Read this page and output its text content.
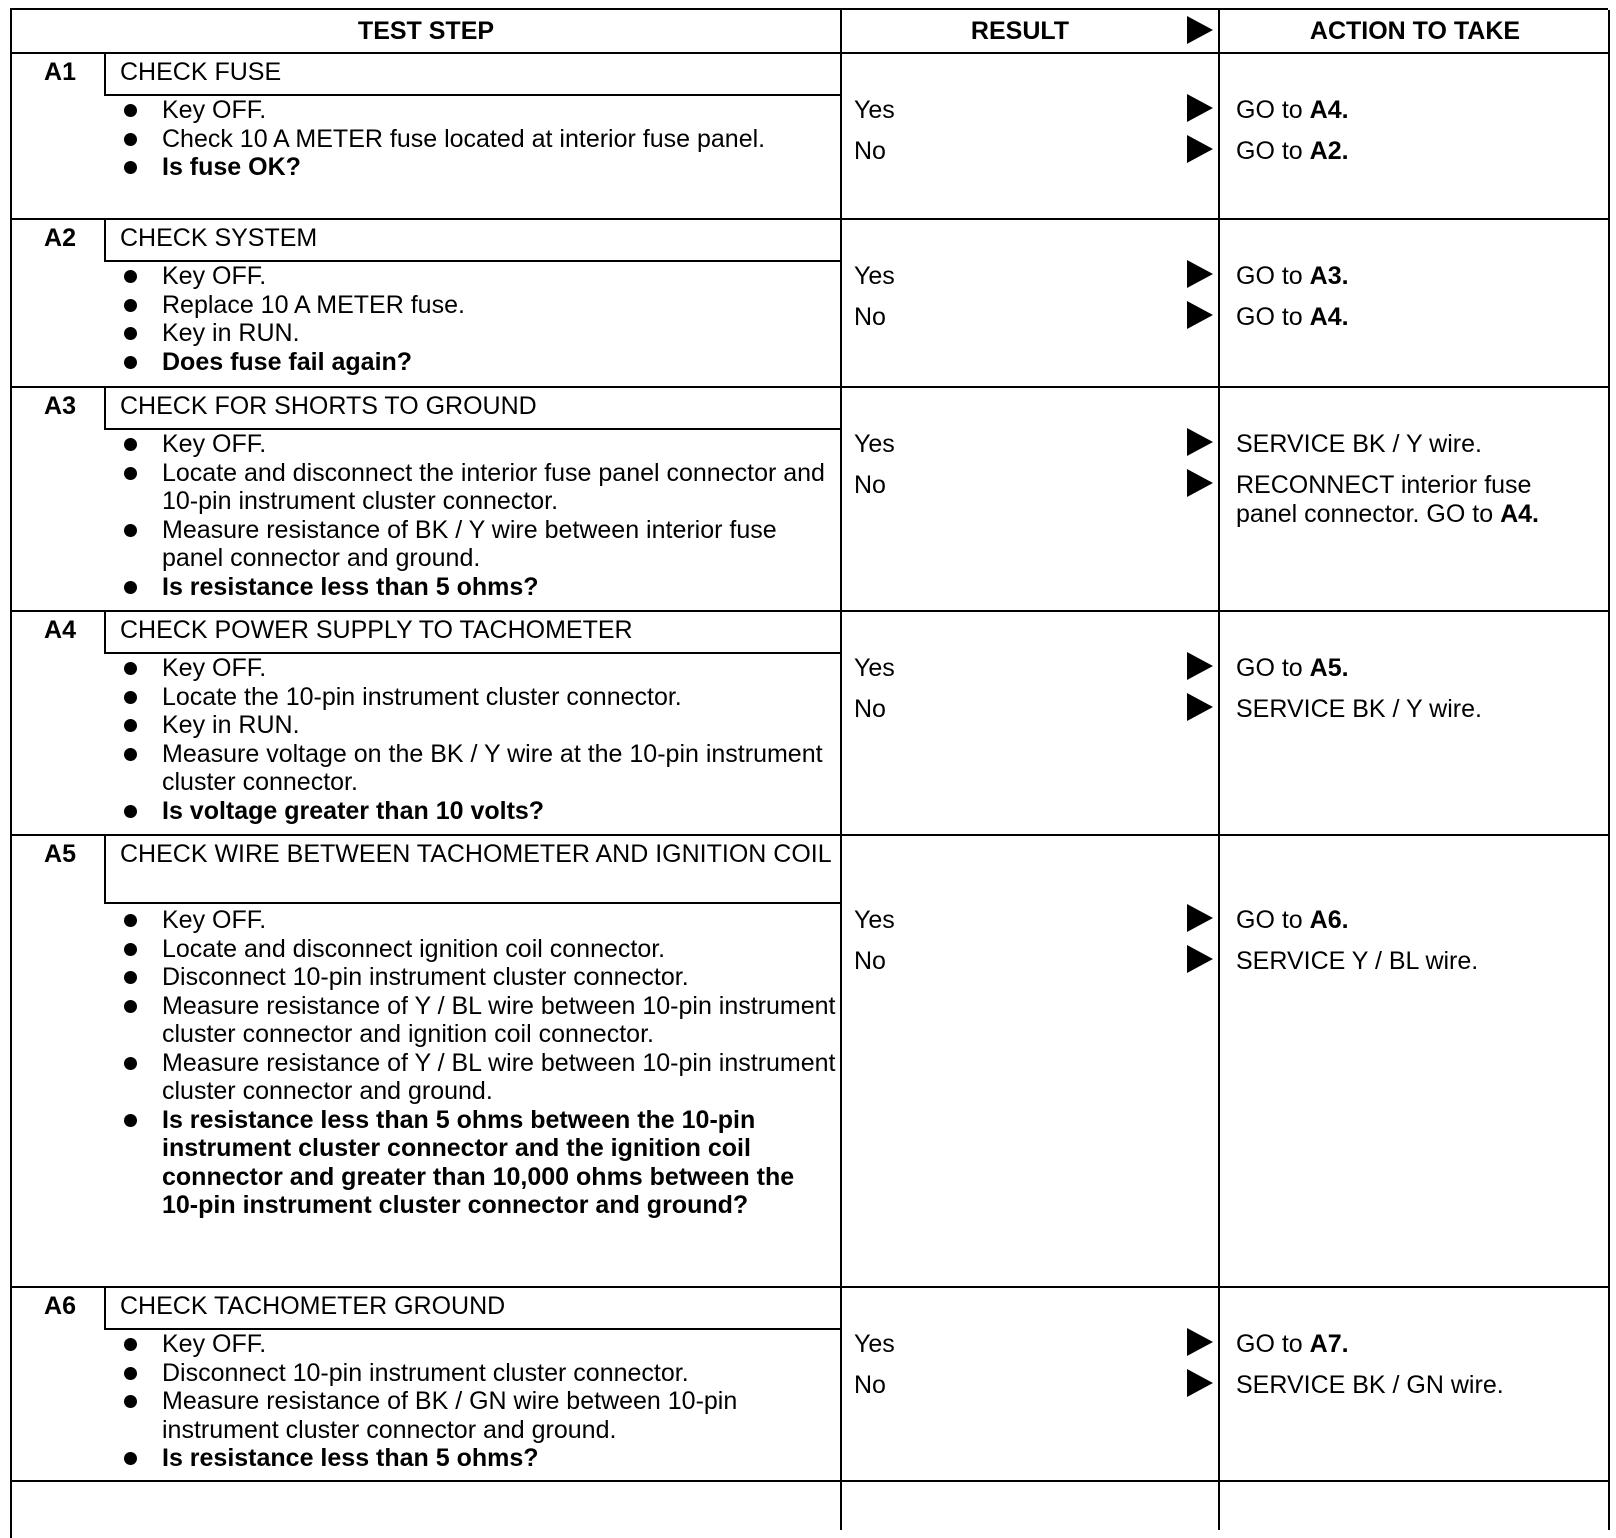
TEST STEP	RESULT	ACTION TO TAKE
A1	CHECK FUSE
Key OFF.
Check 10 A METER fuse located at interior fuse panel.
Is fuse OK?
Yes	GO to A4.
No	GO to A2.
A2	CHECK SYSTEM
Key OFF.
Replace 10 A METER fuse.
Key in RUN.
Does fuse fail again?
Yes	GO to A3.
No	GO to A4.
A3	CHECK FOR SHORTS TO GROUND
Key OFF.
Locate and disconnect the interior fuse panel connector and 10-pin instrument cluster connector.
Measure resistance of BK / Y wire between interior fuse panel connector and ground.
Is resistance less than 5 ohms?
Yes	SERVICE BK / Y wire.
No	RECONNECT interior fuse panel connector. GO to A4.
A4	CHECK POWER SUPPLY TO TACHOMETER
Key OFF.
Locate the 10-pin instrument cluster connector.
Key in RUN.
Measure voltage on the BK / Y wire at the 10-pin instrument cluster connector.
Is voltage greater than 10 volts?
Yes	GO to A5.
No	SERVICE BK / Y wire.
A5	CHECK WIRE BETWEEN TACHOMETER AND IGNITION COIL
Key OFF.
Locate and disconnect ignition coil connector.
Disconnect 10-pin instrument cluster connector.
Measure resistance of Y / BL wire between 10-pin instrument cluster connector and ignition coil connector.
Measure resistance of Y / BL wire between 10-pin instrument cluster connector and ground.
Is resistance less than 5 ohms between the 10-pin instrument cluster connector and the ignition coil connector and greater than 10,000 ohms between the 10-pin instrument cluster connector and ground?
Yes	GO to A6.
No	SERVICE Y / BL wire.
A6	CHECK TACHOMETER GROUND
Key OFF.
Disconnect 10-pin instrument cluster connector.
Measure resistance of BK / GN wire between 10-pin instrument cluster connector and ground.
Is resistance less than 5 ohms?
Yes	GO to A7.
No	SERVICE BK / GN wire.
